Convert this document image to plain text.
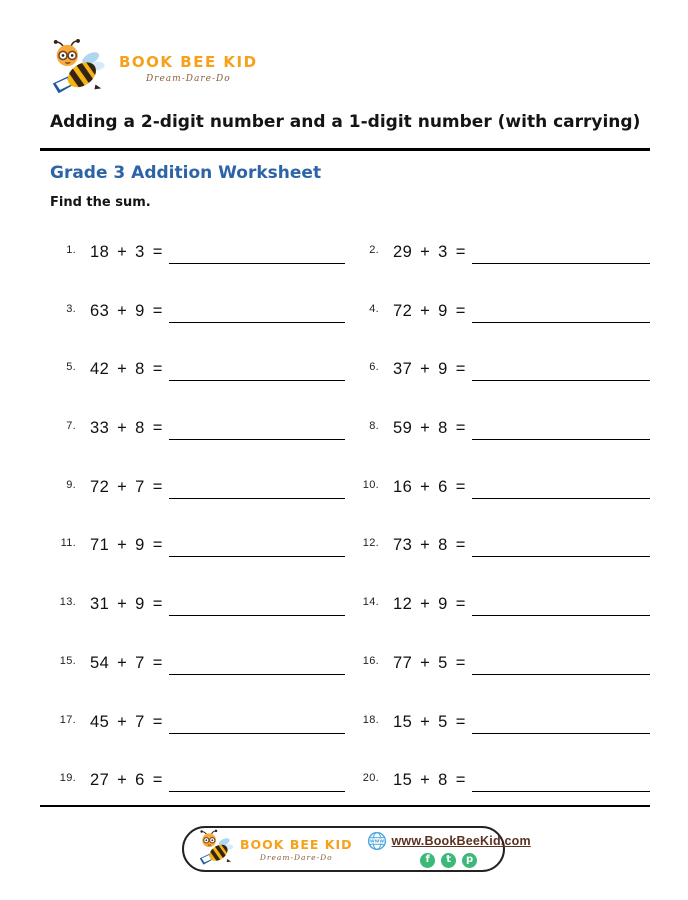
BOOK BEE KID
Dream-Dare-Do
Adding a 2-digit number and a 1-digit number (with carrying)
Grade 3 Addition Worksheet
Find the sum.
1. 18 + 3 =	2. 29 + 3 =
3. 63 + 9 =	4. 72 + 9 =
5. 42 + 8 =	6. 37 + 9 =
7. 33 + 8 =	8. 59 + 8 =
9. 72 + 7 =	10. 16 + 6 =
11. 71 + 9 =	12. 73 + 8 =
13. 31 + 9 =	14. 12 + 9 =
15. 54 + 7 =	16. 77 + 5 =
17. 45 + 7 =	18. 15 + 5 =
19. 27 + 6 =	20. 15 + 8 =
BOOK BEE KID
Dream-Dare-Do
www www.BookBeeKid.com
f	t	p
